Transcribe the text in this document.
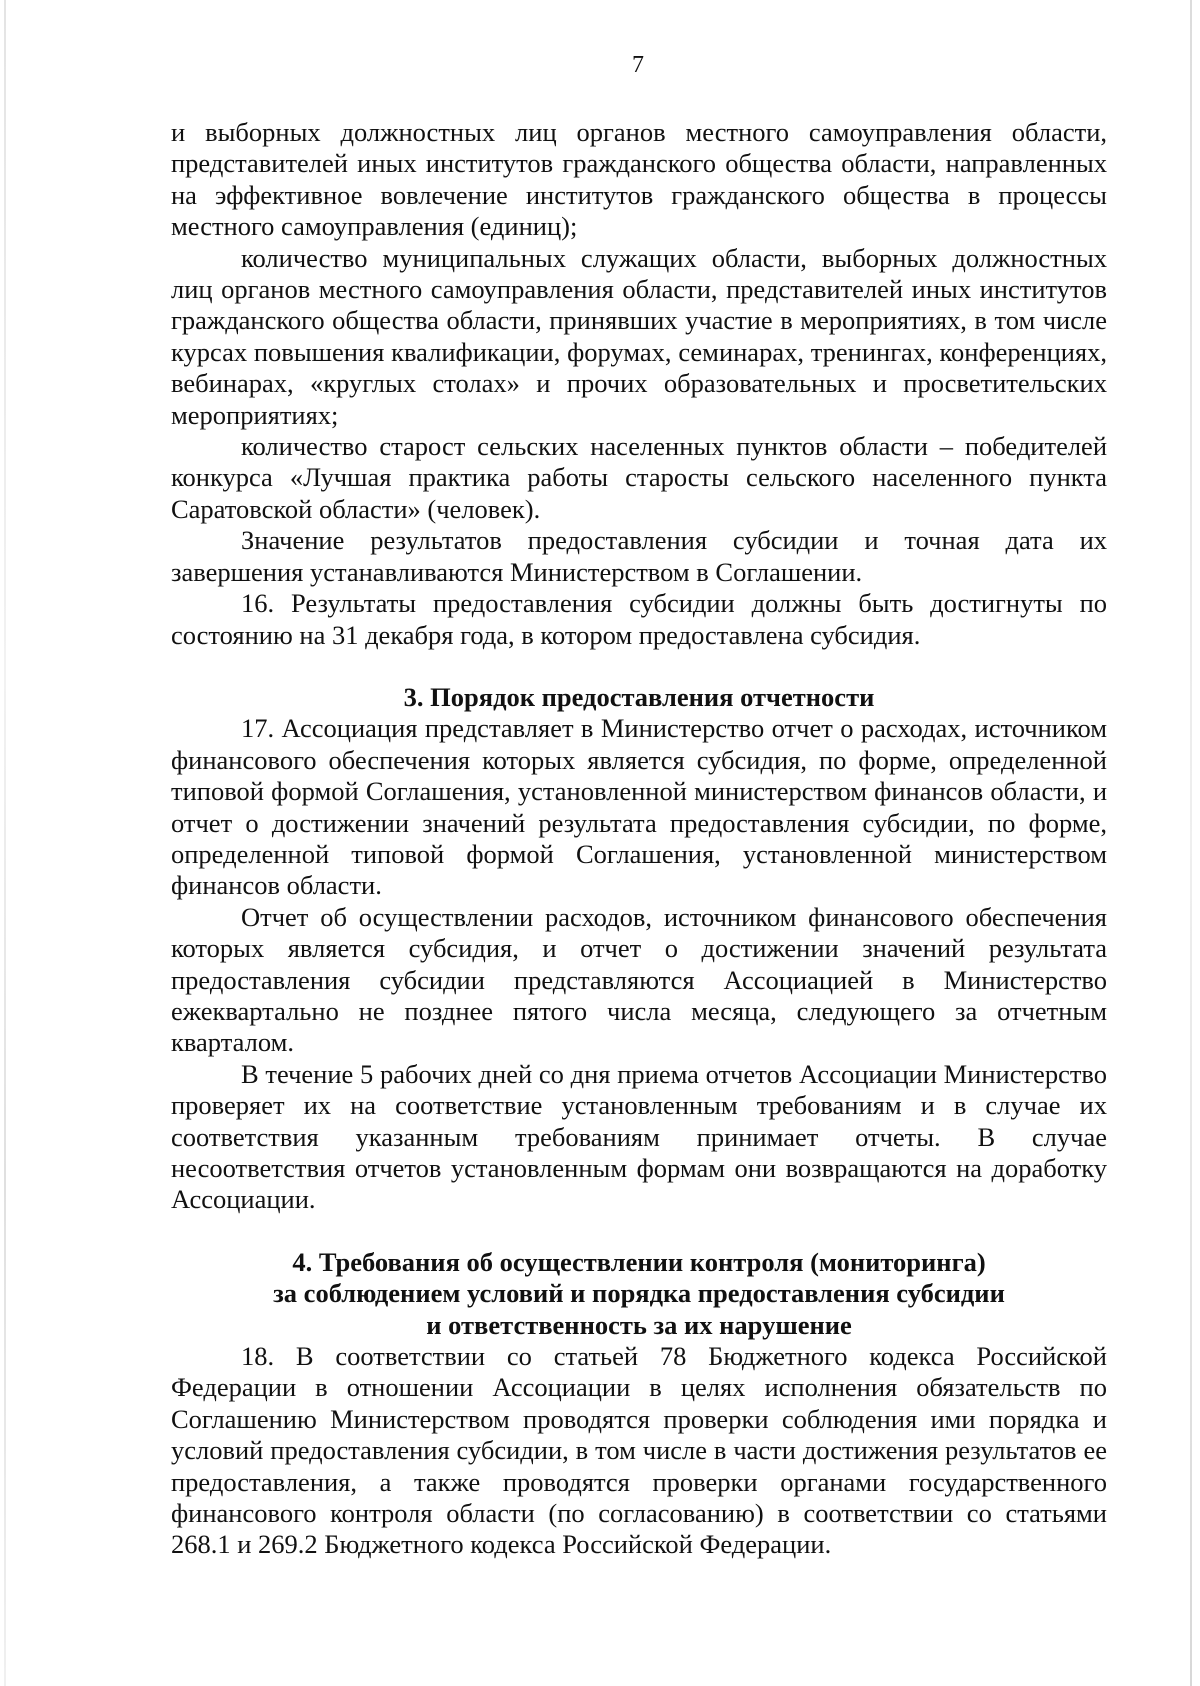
7

и выборных должностных лиц органов местного самоуправления области, представителей иных институтов гражданского общества области, направленных на эффективное вовлечение институтов гражданского общества в процессы местного самоуправления (единиц);

количество муниципальных служащих области, выборных должностных лиц органов местного самоуправления области, представителей иных институтов гражданского общества области, принявших участие в мероприятиях, в том числе курсах повышения квалификации, форумах, семинарах, тренингах, конференциях, вебинарах, «круглых столах» и прочих образовательных и просветительских мероприятиях;

количество старост сельских населенных пунктов области – победителей конкурса «Лучшая практика работы старосты сельского населенного пункта Саратовской области» (человек).

Значение результатов предоставления субсидии и точная дата их завершения устанавливаются Министерством в Соглашении.

16. Результаты предоставления субсидии должны быть достигнуты по состоянию на 31 декабря года, в котором предоставлена субсидия.

3. Порядок предоставления отчетности

17. Ассоциация представляет в Министерство отчет о расходах, источником финансового обеспечения которых является субсидия, по форме, определенной типовой формой Соглашения, установленной министерством финансов области, и отчет о достижении значений результата предоставления субсидии, по форме, определенной типовой формой Соглашения, установленной министерством финансов области.

Отчет об осуществлении расходов, источником финансового обеспечения которых является субсидия, и отчет о достижении значений результата предоставления субсидии представляются Ассоциацией в Министерство ежеквартально не позднее пятого числа месяца, следующего за отчетным кварталом.

В течение 5 рабочих дней со дня приема отчетов Ассоциации Министерство проверяет их на соответствие установленным требованиям и в случае их соответствия указанным требованиям принимает отчеты. В случае несоответствия отчетов установленным формам они возвращаются на доработку Ассоциации.

4. Требования об осуществлении контроля (мониторинга)
за соблюдением условий и порядка предоставления субсидии
и ответственность за их нарушение

18. В соответствии со статьей 78 Бюджетного кодекса Российской Федерации в отношении Ассоциации в целях исполнения обязательств по Соглашению Министерством проводятся проверки соблюдения ими порядка и условий предоставления субсидии, в том числе в части достижения результатов ее предоставления, а также проводятся проверки органами государственного финансового контроля области (по согласованию) в соответствии со статьями 268.1 и 269.2 Бюджетного кодекса Российской Федерации.
